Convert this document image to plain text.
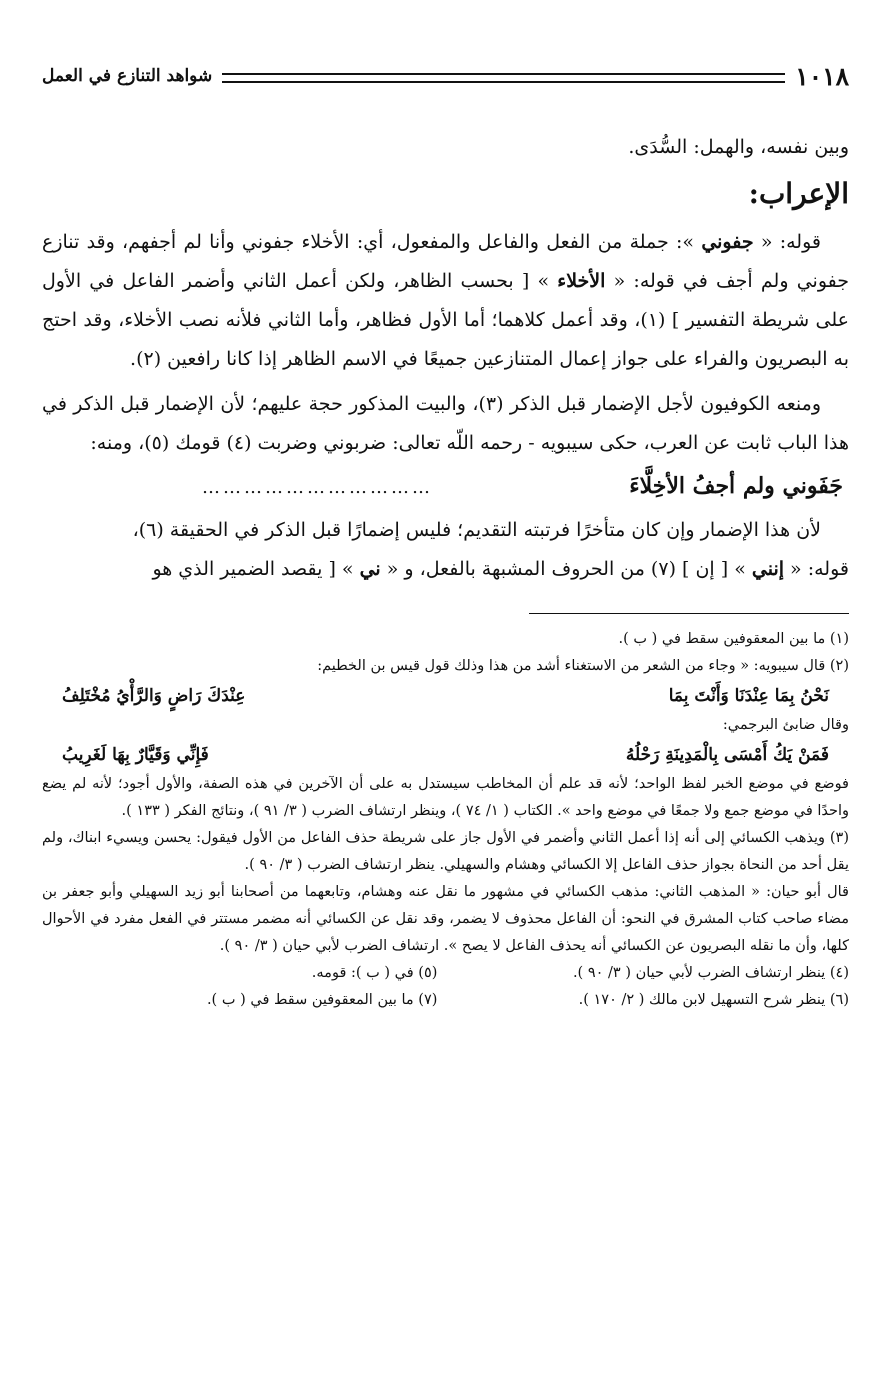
١٠١٨
شواهد التنازع في العمل

وبين نفسه، والهمل: السُّدَى.

الإعراب:

قوله: « جفوني »: جملة من الفعل والفاعل والمفعول، أي: الأخلاء جفوني وأنا لم أجفهم، وقد تنازع جفوني ولم أجف في قوله: « الأخلاء » [ بحسب الظاهر، ولكن أعمل الثاني وأضمر الفاعل في الأول على شريطة التفسير ] (١)، وقد أعمل كلاهما؛ أما الأول فظاهر، وأما الثاني فلأنه نصب الأخلاء، وقد احتج به البصريون والفراء على جواز إعمال المتنازعين جميعًا في الاسم الظاهر إذا كانا رافعين (٢).

ومنعه الكوفيون لأجل الإضمار قبل الذكر (٣)، والبيت المذكور حجة عليهم؛ لأن الإضمار قبل الذكر في هذا الباب ثابت عن العرب، حكى سيبويه - رحمه اللّه تعالى: ضربوني وضربت (٤) قومك (٥)، ومنه:

جَفَوني ولم أجفُ الأخِلَّاءَ
……………………………

لأن هذا الإضمار وإن كان متأخرًا فرتبته التقديم؛ فليس إضمارًا قبل الذكر في الحقيقة (٦)،

قوله: « إنني » [ إن ] (٧) من الحروف المشبهة بالفعل، و « ني » [ يقصد الضمير الذي هو

(١) ما بين المعقوفين سقط في ( ب ).

(٢) قال سيبويه: « وجاء من الشعر من الاستغناء أشد من هذا وذلك قول قيس بن الخطيم:

نَحْنُ بِمَا عِنْدَنَا وَأَنْتَ بِمَا
عِنْدَكَ رَاضٍ وَالرَّأْيُ مُخْتَلِفُ

وقال ضابئ البرجمي:

فَمَنْ يَكُ أَمْسَى بِالْمَدِينَةِ رَحْلُهُ
فَإِنِّي وَقَيَّارٌ بِهَا لَغَرِيبُ

فوضع في موضع الخبر لفظ الواحد؛ لأنه قد علم أن المخاطب سيستدل به على أن الآخرين في هذه الصفة، والأول أجود؛ لأنه لم يضع واحدًا في موضع جمع ولا جمعًا في موضع واحد ». الكتاب ( ١/ ٧٤ )، وينظر ارتشاف الضرب ( ٣/ ٩١ )، ونتائج الفكر ( ١٣٣ ).

(٣) ويذهب الكسائي إلى أنه إذا أعمل الثاني وأضمر في الأول جاز على شريطة حذف الفاعل من الأول فيقول: يحسن ويسيء ابناك، ولم يقل أحد من النحاة بجواز حذف الفاعل إلا الكسائي وهشام والسهيلي. ينظر ارتشاف الضرب ( ٣/ ٩٠ ).

قال أبو حيان: « المذهب الثاني: مذهب الكسائي في مشهور ما نقل عنه وهشام، وتابعهما من أصحابنا أبو زيد السهيلي وأبو جعفر بن مضاء صاحب كتاب المشرق في النحو: أن الفاعل محذوف لا يضمر، وقد نقل عن الكسائي أنه مضمر مستتر في الفعل مفرد في الأحوال كلها، وأن ما نقله البصريون عن الكسائي أنه يحذف الفاعل لا يصح ». ارتشاف الضرب لأبي حيان ( ٣/ ٩٠ ).

(٤) ينظر ارتشاف الضرب لأبي حيان ( ٣/ ٩٠ ).
(٥) في ( ب ): قومه.
(٦) ينظر شرح التسهيل لابن مالك ( ٢/ ١٧٠ ).
(٧) ما بين المعقوفين سقط في ( ب ).
